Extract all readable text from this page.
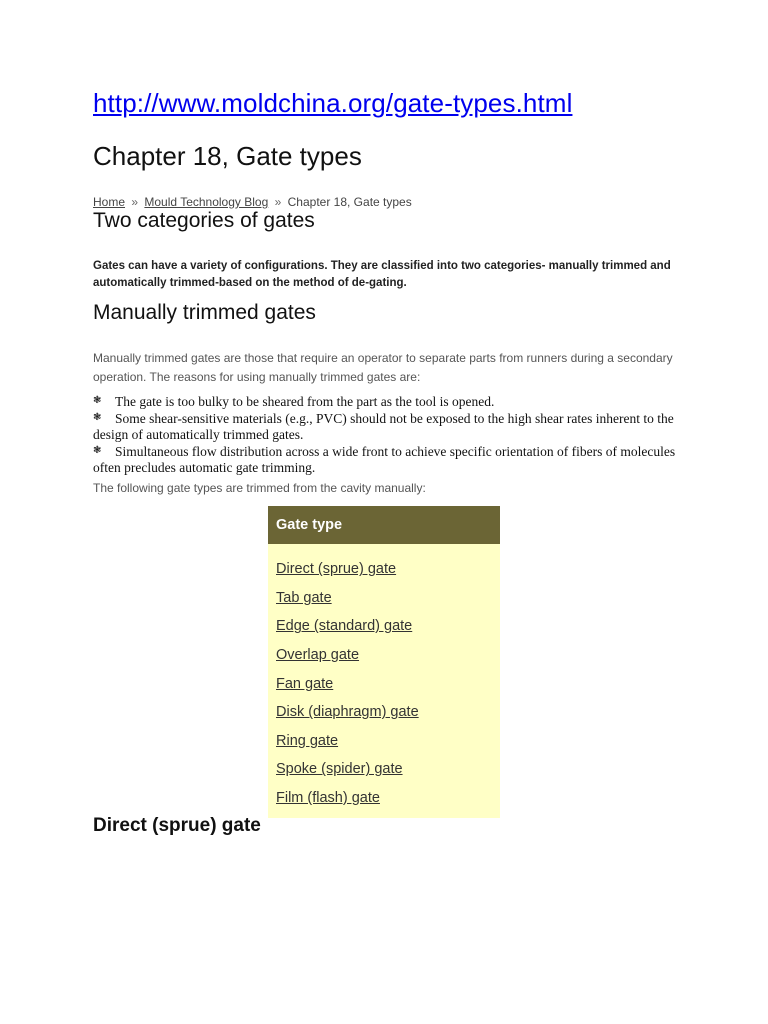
http://www.moldchina.org/gate-types.html
Chapter 18, Gate types
Home » Mould Technology Blog » Chapter 18, Gate types
Two categories of gates

Gates can have a variety of configurations. They are classified into two categories- manually trimmed and automatically trimmed-based on the method of de-gating.

Manually trimmed gates

Manually trimmed gates are those that require an operator to separate parts from runners during a secondary operation. The reasons for using manually trimmed gates are:

❃ The gate is too bulky to be sheared from the part as the tool is opened.
❃ Some shear-sensitive materials (e.g., PVC) should not be exposed to the high shear rates inherent to the design of automatically trimmed gates.
❃ Simultaneous flow distribution across a wide front to achieve specific orientation of fibers of molecules often precludes automatic gate trimming.

The following gate types are trimmed from the cavity manually:

Gate type
Direct (sprue) gate
Tab gate
Edge (standard) gate
Overlap gate
Fan gate
Disk (diaphragm) gate
Ring gate
Spoke (spider) gate
Film (flash) gate
Direct (sprue) gate
